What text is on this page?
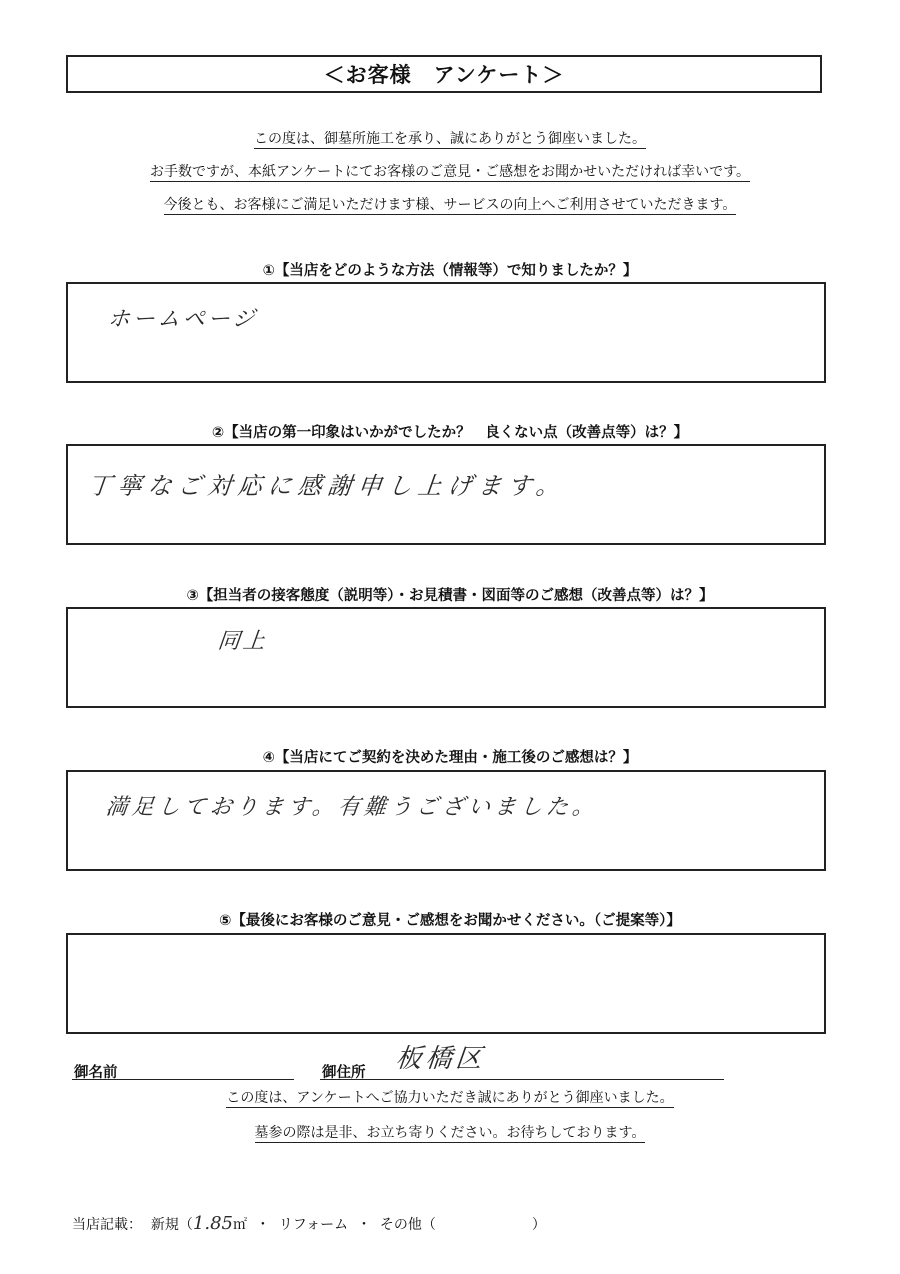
＜お客様　アンケート＞
この度は、御墓所施工を承り、誠にありがとう御座いました。
お手数ですが、本紙アンケートにてお客様のご意見・ご感想をお聞かせいただければ幸いです。
今後とも、お客様にご満足いただけます様、サービスの向上へご利用させていただきます。
①【当店をどのような方法（情報等）で知りましたか？】
ホームページ
②【当店の第一印象はいかがでしたか？　良くない点（改善点等）は？】
丁寧なご対応に感謝申し上げます。
③【担当者の接客態度（説明等）・お見積書・図面等のご感想（改善点等）は？】
同上
④【当店にてご契約を決めた理由・施工後のご感想は？】
満足しております。有難うございました。
⑤【最後にお客様のご意見・ご感想をお聞かせください。（ご提案等）】
御名前	御住所 板橋区
この度は、アンケートへご協力いただき誠にありがとう御座いました。
墓参の際は是非、お立ち寄りください。お待ちしております。
当店記載： 新規（1.85㎡ ・ リフォーム ・ その他（	）
